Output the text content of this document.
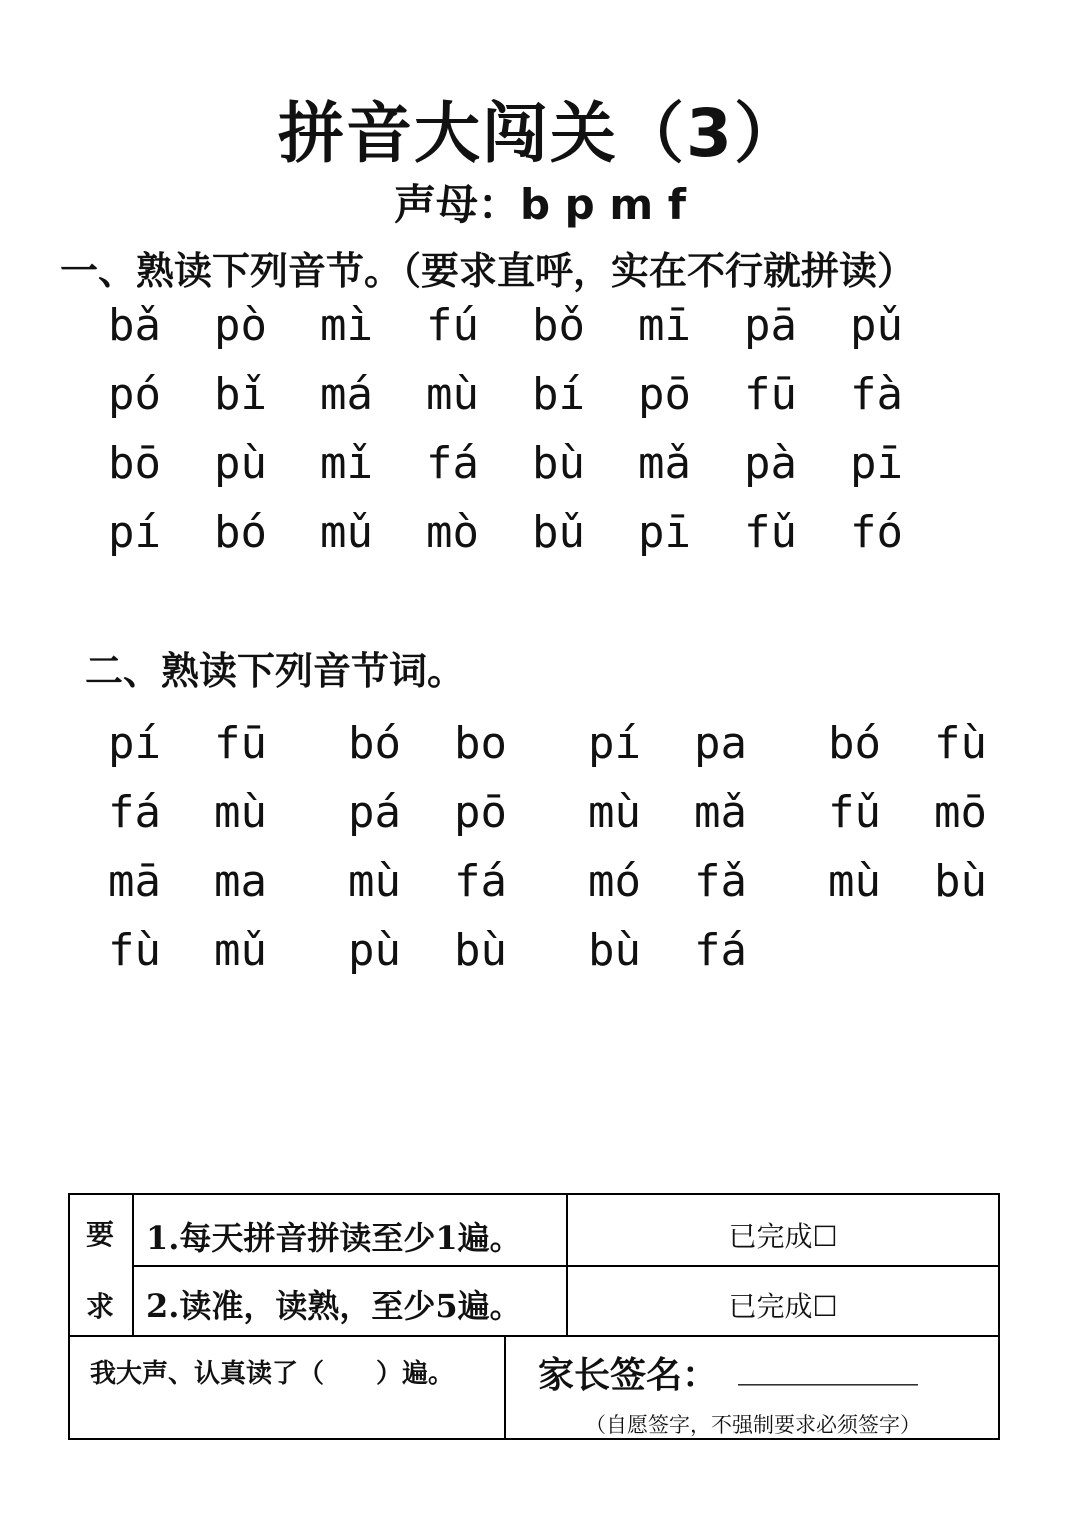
拼音大闯关（3）
声母：b p m f
一、熟读下列音节。（要求直呼，实在不行就拼读）
bǎ pò mì fú bǒ mī pā pǔ
pó bǐ má mù bí pō fū fà
bō pù mǐ fá bù mǎ pà pī
pí bó mǔ mò bǔ pī fǔ fó
二、熟读下列音节词。
pí  fū bó  bo pí  pa bó  fù
fá  mù pá  pō mù  mǎ fǔ  mō
mā  ma mù  fá mó  fǎ mù  bù
fù  mǔ pù  bù bù  fá
要
求
1.每天拼音拼读至少1遍。
2.读准，读熟，至少5遍。
已完成☐
已完成☐
我大声、认真读了（　　）遍。 家长签名： __________
（自愿签字，不强制要求必须签字）
